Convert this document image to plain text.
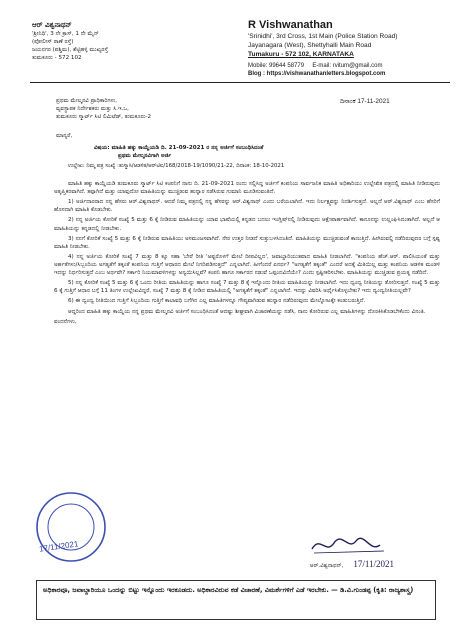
ಆರ್ ವಿಶ್ವನಾಥನ್
'ಶ್ರೀನಿಧಿ', 3 ನೇ ಕ್ರಾಸ್, 1 ನೇ ಮೈನ್
(ಪೋಲೀಸ್ ಠಾಣೆ ರಸ್ತೆ)
ಜಯನಗರ (ಪಶ್ಚಿಮ), ಶೆಟ್ಟಿಹಳ್ಳಿ ಮುಖ್ಯರಸ್ತೆ
ತುಮಕೂರು - 572 102
R Vishwanathan
'Srinidhi', 3rd Cross, 1st Main (Police Station Road)
Jayanagara (West), Shettyhalli Main Road
Tumakuru - 572 102, KARNATAKA
Mobile: 99644 58779 E-mail: rvitum@gmail.com
Blog : https://vishwanathanletters.blogspot.com
ದಿನಾಂಕ 17-11-2021
ಪ್ರಥಮ ಮೇಲ್ಮನವಿ ಪ್ರಾಧಿಕಾರಿಗಳು,
ವ್ಯವಸ್ಥಾಪಕ ನಿರ್ದೇಶಕರು ಮತ್ತು ಸಿ.ಇ.ಒ,
ತುಮಕೂರು ಸ್ಮಾರ್ಟ್ ಸಿಟಿ ಲಿಮಿಟೆಡ್, ತುಮಕೂರು-2
ಮಾನ್ಯರೆ,
ವಿಷಯ: ಮಾಹಿತಿ ಹಕ್ಕು ಕಾಯ್ದೆಯಡಿ ದಿ. 21-09-2021 ರ ನನ್ನ ಅರ್ಜಿಗೆ ಸಂಬಂಧಿಸಿದಂತೆ
ಪ್ರಥಮ ಮೇಲ್ಮನವಿಗಾಗಿ ಅರ್ಜಿ
ಉಲ್ಲೇಖ: ನಿಮ್ಮ ಪತ್ರ ಸಂಖ್ಯೆ :ತುಸ್ಮಾಸಿ/ಆಡಳಿತ/ಆರ್‌ಟಿಐ/168/2018-19/1090/21-22, ದಿನಾಂಕ: 18-10-2021

ಮಾಹಿತಿ ಹಕ್ಕು ಕಾಯ್ದೆಯಡಿ ತುಮಕೂರು ಸ್ಮಾರ್ಟ್ ಸಿಟಿ ಕಂಪನಿಗೆ ನಾನು ದಿ. 21-09-2021 ರಂದು ಸಲ್ಲಿಸಿದ್ದ ಅರ್ಜಿಗೆ ಕಂಪನಿಯ ಸಾರ್ವಜನಿಕ ಮಾಹಿತಿ ಅಧಿಕಾರಿಯು ಉಲ್ಲೇಖಿತ ಪತ್ರದಲ್ಲಿ ಮಾಹಿತಿ ನೀಡಿರುವುದು ಅತೃಪ್ತಿಕರವಾಗಿದೆ. ತಪ್ಪಾಗಿದೆ ಮತ್ತು ಯಾವುದೋ ಮಾಹಿತಿಯನ್ನು ಮುಚ್ಚಿಡುವ ಹುನ್ನಾರ ನಡೆಸಿರುವ ಗುಮಾನಿ ಮೂಡಿಸುವಂತಿದೆ.

1) ಅರ್ಜಿದಾರರಾದ ನನ್ನ ಹೆಸರು ಆರ್.ವಿಶ್ವನಾಥನ್. ಆದರೆ ನಿಮ್ಮ ಪತ್ರದಲ್ಲಿ ನನ್ನ ಹೆಸರನ್ನು ಆರ್.ವಿಶ್ವನಾಥ್ ಎಂದು ಬರೆಯಲಾಗಿದೆ. ಇದು ನಿರ್ಲಕ್ಷ್ಯವನ್ನು ನಿದರ್ಶಿಸುತ್ತದೆ. ಅಲ್ಲದೆ ಆರ್.ವಿಶ್ವನಾಥ್ ಎಂಬ ಹೆಸರಿಗೆ ಹೊಸದಾಗಿ ಮಾಹಿತಿ ಕೊಡಬೇಕು.

2) ನನ್ನ ಅರ್ಜಿಯ ಕೋರಿಕೆ ಸಂಖ್ಯೆ 5 ಮತ್ತು 6 ಕ್ಕೆ ನೀಡಿರುವ ಮಾಹಿತಿಯನ್ನು ಯಾವ ಭಾಷೆಯಲ್ಲಿ ಕನ್ನಡದ ಬದಲು ಇಂಗ್ಲಿಷ್‌ನಲ್ಲಿ ನೀಡಿರುವುದು ಆಕ್ಷೇಪಾರ್ಹವಾಗಿದೆ. ಕಾನೂನನ್ನು ಉಲ್ಲಂಘಿಸಿದಂತಾಗಿದೆ. ಅಲ್ಲದೆ ಆ ಮಾಹಿತಿಯನ್ನು ಕನ್ನಡದಲ್ಲಿ ನೀಡಬೇಕು.

3) ನನಗೆ ಕೋರಿಕೆ ಸಂಖ್ಯೆ 5 ಮತ್ತು 6 ಕ್ಕೆ ನೀಡಿರುವ ಮಾಹಿತಿಯು ಅಸಮಂಜಸವಾಗಿದೆ. ನೇರ ಉತ್ತರ ನೀಡದೆ ಸುತ್ತುಬಳಸಿದಂತಿದೆ. ಮಾಹಿತಿಯನ್ನು ಮುಚ್ಚಿಡುವಂತೆ ಕಾಣುತ್ತಿದೆ. ಹೀಗಿರುವಲ್ಲಿ ನಡೆದಿರುವುದರ ಬಗ್ಗೆ ಸ್ಪಷ್ಟ ಮಾಹಿತಿ ನೀಡಬೇಕು.

4) ನನ್ನ ಅರ್ಜಿಯ ಕೋರಿಕೆ ಸಂಖ್ಯೆ 7 ಮತ್ತು 8 ಕ್ಕೂ ಸಹಾ 'ಬೇರೆ ರೀತಿ 'ಅಷ್ಟರೊಳಗೆ ಮೇಲೆ ದೀಪವಿಲ್ಲದ', ಜವಾಬ್ದಾರಿಯುತವಾದ ಮಾಹಿತಿ ನೀಡಲಾಗಿದೆ. "ಕಂಪನಿಯ ಹೆಚ್.ಆರ್. ಪಾಲಿಸಿಯಂತೆ ಮತ್ತು ಅರ್ಹತೆಗಳು/ಸಿಬ್ಬಂದಿಯ ಅಗತ್ಯತೆಗೆ ತಕ್ಕಂತೆ ಕಂಪನಿಯ ಗುತ್ತಿಗೆ ಆಧಾರದ ಮೇಲೆ ನಿಗದಿಪಡಿಸುತ್ತದೆ" ಎನ್ನಲಾಗಿದೆ. ಹೀಗೆಂದರೆ ಏನರ್ಥ? "ಅಗತ್ಯತೆಗೆ ತಕ್ಕಂತೆ" ಎಂದರೆ ಅದಕ್ಕೆ ಮಿತಿಯಿಲ್ಲ ಮತ್ತು ಕಂಪನಿಯ ಆಡಳಿತ ಮಂಡಳಿ ಇದನ್ನು ನಿರ್ಧರಿಸುತ್ತದೆ ಎಂಬ ಅರ್ಥವೇ? ಸರ್ಕಾರಿ ನಿಯಮಾವಳಿಗಳನ್ನು ಅನ್ವಯಿಸಿಲ್ಲವೆ? ಕಂಪನಿ ಹಾಗೂ ಸರ್ಕಾರದ ನಡುವೆ ಒಪ್ಪಂದವಿದೆಯೇ? ಎಂದು ಸ್ಪಷ್ಟೀಕರಿಸಬೇಕು. ಮಾಹಿತಿಯನ್ನು ಮುಚ್ಚಿಡುವ ಪ್ರಯತ್ನ ನಡೆದಿದೆ.

5) ನನ್ನ ಕೋರಿಕೆ ಸಂಖ್ಯೆ 5 ಮತ್ತು 6 ಕ್ಕೆ ಒಂದು ರೀತಿಯ ಮಾಹಿತಿಯನ್ನು ಹಾಗೂ ಸಂಖ್ಯೆ 7 ಮತ್ತು 8 ಕ್ಕೆ ಇನ್ನೊಂದು ರೀತಿಯ ಮಾಹಿತಿಯನ್ನು ನೀಡಲಾಗಿದೆ. ಇದು ದ್ವಂದ್ವ ನೀತಿಯನ್ನು ತೋರಿಸುತ್ತದೆ. ಸಂಖ್ಯೆ 5 ಮತ್ತು 6 ಕ್ಕೆ ಗುತ್ತಿಗೆ ಆಧಾರ ಬಗ್ಗೆ 11 ತಿಂಗಳ ಉಲ್ಲೇಖವಿದ್ದರೆ, ಸಂಖ್ಯೆ 7 ಮತ್ತು 8 ಕ್ಕೆ ನೀಡಿದ ಮಾಹಿತಿಯಲ್ಲಿ "ಅಗತ್ಯತೆಗೆ ತಕ್ಕಂತೆ" ಎನ್ನಲಾಗಿದೆ. ಇದನ್ನು ವಿವರಿಸಿ ಅರ್ಥೈಸಿಕೊಳ್ಳಬೇಕು? ಇದು ದ್ವಂದ್ವನೀತಿಯಲ್ಲವೇ?

6) ಈ ದ್ವಂದ್ವ ನೀತಿಯಿಂದ ಗುತ್ತಿಗೆ ಸಿಬ್ಬಂದಿಯ ಗುತ್ತಿಗೆ ಕಾಲಾವಧಿ ಬಗೆಗಿನ ಎಲ್ಲ ಮಾಹಿತಿಗಳನ್ನೂ ಗೌಪ್ಯವಾಗಿಡುವ ಹುನ್ನಾರ ನಡೆದಿರುವುದು ಮೇಲ್ನೋಟಕ್ಕೇ ಕಂಡುಬರುತ್ತಿದೆ.

ಆದ್ದರಿಂದ ಮಾಹಿತಿ ಹಕ್ಕು ಕಾಯ್ದೆಯ ನನ್ನ ಪ್ರಥಮ ಮೇಲ್ಮನವಿ ಅರ್ಜಿಗೆ ಸಂಬಂಧಿಸಿದಂತೆ ಆದಷ್ಟು ಶೀಘ್ರವಾಗಿ ವಿಚಾರಣೆಯನ್ನು ನಡೆಸಿ, ನಾನು ಕೋರಿರುವ ಎಲ್ಲ ಮಾಹಿತಿಗಳನ್ನು ದೊರಕಿಸಿಕೊಡಬೇಕೆಂದು ವಿನಂತಿ.

ವಂದನೆಗಳು,
17/11/2021
ಆರ್.ವಿಶ್ವನಾಥನ್, 17/11/2021
ಅಧಿಕಾರವೂ, ಜವಾಬ್ದಾರಿಯೂ ಒಂದನ್ನು ಬಿಟ್ಟು ಇನ್ನೊಂದು ಇರಕೂಡದು. ಅಧಿಕಾರವಿರುವ ಕಡೆ ವಿಚಾರಣೆ, ವಿಮರ್ಶೆಗಳಿಗೆ ಎಡೆ ಇರಬೇಕು. — ಡಿ.ವಿ.ಗುಂಡಪ್ಪ (ಕೃತಿ: ರಾಜ್ಯಶಾಸ್ತ್ರ)
